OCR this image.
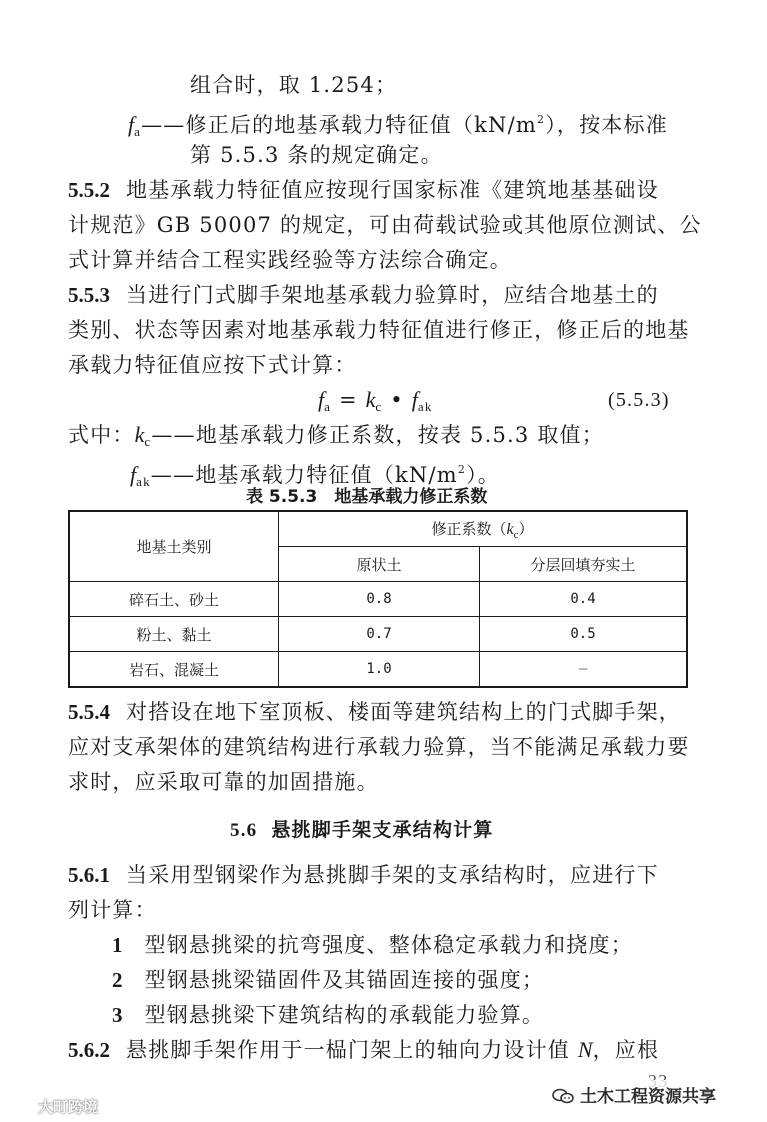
组合时，取 1.254；
$f_a——$修正后的地基承载力特征值$(kN/m^2)$，按本标准
第 5.5.3 条的规定确定。
5.5.2 地基承载力特征值应按现行国家标准《建筑地基基础设
计规范》GB 50007 的规定，可由荷载试验或其他原位测试、公
式计算并结合工程实践经验等方法综合确定。
5.5.3 当进行门式脚手架地基承载力验算时，应结合地基土的
类别、状态等因素对地基承载力特征值进行修正，修正后的地基
承载力特征值应按下式计算：
$f_a = k_c$ • $f_{ak}$	(5.5.3)
式中：$k_c——$地基承载力修正系数，按表 5.5.3 取值；
$f_{ak}——$地基承载力特征值$(kN/m^2)$。
表 5.5.3　地基承载力修正系数
地基土类别	修正系数$(k_c)$	
	原状土	分层回填夯实土
碎石土、砂土	0.8	0.4
粉土、黏土	0.7	0.5
岩石、混凝土	1.0	—
5.5.4 对搭设在地下室顶板、楼面等建筑结构上的门式脚手架，
应对支承架体的建筑结构进行承载力验算，当不能满足承载力要
求时，应采取可靠的加固措施。
5.6 悬挑脚手架支承结构计算
5.6.1 当采用型钢梁作为悬挑脚手架的支承结构时，应进行下
列计算：
1 型钢悬挑梁的抗弯强度、整体稳定承载力和挠度；
2 型钢悬挑梁锚固件及其锚固连接的强度；
3 型钢悬挑梁下建筑结构的承载能力验算。
5.6.2 悬挑脚手架作用于一榀门架上的轴向力设计值 N，应根
土木工程资源共享
大町跨境
